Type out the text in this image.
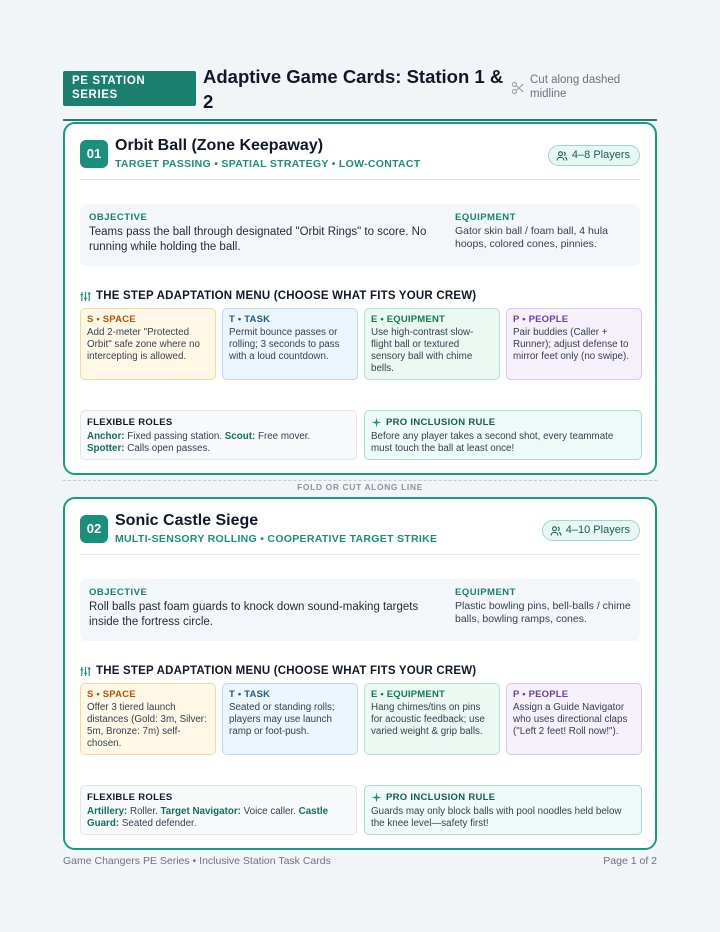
PE STATION SERIES
Adaptive Game Cards: Station 1 & 2
Cut along dashed midline
01 Orbit Ball (Zone Keepaway)
TARGET PASSING • SPATIAL STRATEGY • LOW-CONTACT
4–8 Players
OBJECTIVE
Teams pass the ball through designated "Orbit Rings" to score. No running while holding the ball.
EQUIPMENT
Gator skin ball / foam ball, 4 hula hoops, colored cones, pinnies.
THE STEP ADAPTATION MENU (CHOOSE WHAT FITS YOUR CREW)
S • SPACE
Add 2-meter "Protected Orbit" safe zone where no intercepting is allowed.
T • TASK
Permit bounce passes or rolling; 3 seconds to pass with a loud countdown.
E • EQUIPMENT
Use high-contrast slow-flight ball or textured sensory ball with chime bells.
P • PEOPLE
Pair buddies (Caller + Runner); adjust defense to mirror feet only (no swipe).
FLEXIBLE ROLES
Anchor: Fixed passing station. Scout: Free mover. Spotter: Calls open passes.
PRO INCLUSION RULE
Before any player takes a second shot, every teammate must touch the ball at least once!
FOLD OR CUT ALONG LINE
02 Sonic Castle Siege
MULTI-SENSORY ROLLING • COOPERATIVE TARGET STRIKE
4–10 Players
OBJECTIVE
Roll balls past foam guards to knock down sound-making targets inside the fortress circle.
EQUIPMENT
Plastic bowling pins, bell-balls / chime balls, bowling ramps, cones.
THE STEP ADAPTATION MENU (CHOOSE WHAT FITS YOUR CREW)
S • SPACE
Offer 3 tiered launch distances (Gold: 3m, Silver: 5m, Bronze: 7m) self-chosen.
T • TASK
Seated or standing rolls; players may use launch ramp or foot-push.
E • EQUIPMENT
Hang chimes/tins on pins for acoustic feedback; use varied weight & grip balls.
P • PEOPLE
Assign a Guide Navigator who uses directional claps ("Left 2 feet! Roll now!").
FLEXIBLE ROLES
Artillery: Roller. Target Navigator: Voice caller. Castle Guard: Seated defender.
PRO INCLUSION RULE
Guards may only block balls with pool noodles held below the knee level—safety first!
Game Changers PE Series • Inclusive Station Task Cards	Page 1 of 2
